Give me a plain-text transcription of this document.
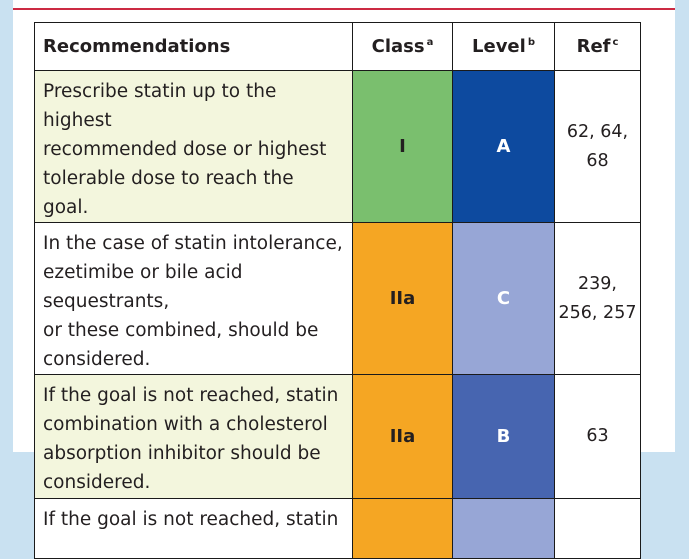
Recommendations	Class $^a$	Level $^b$	Ref $^c$

Prescribe statin up to the highest
recommended dose or highest
tolerable dose to reach the goal.	I	A	62, 64,
68

In the case of statin intolerance,
ezetimibe or bile acid sequestrants,
or these combined, should be
considered.	IIa	C	239,
256, 257

If the goal is not reached, statin
combination with a cholesterol
absorption inhibitor should be
considered.	IIa	B	63

If the goal is not reached, statin			
